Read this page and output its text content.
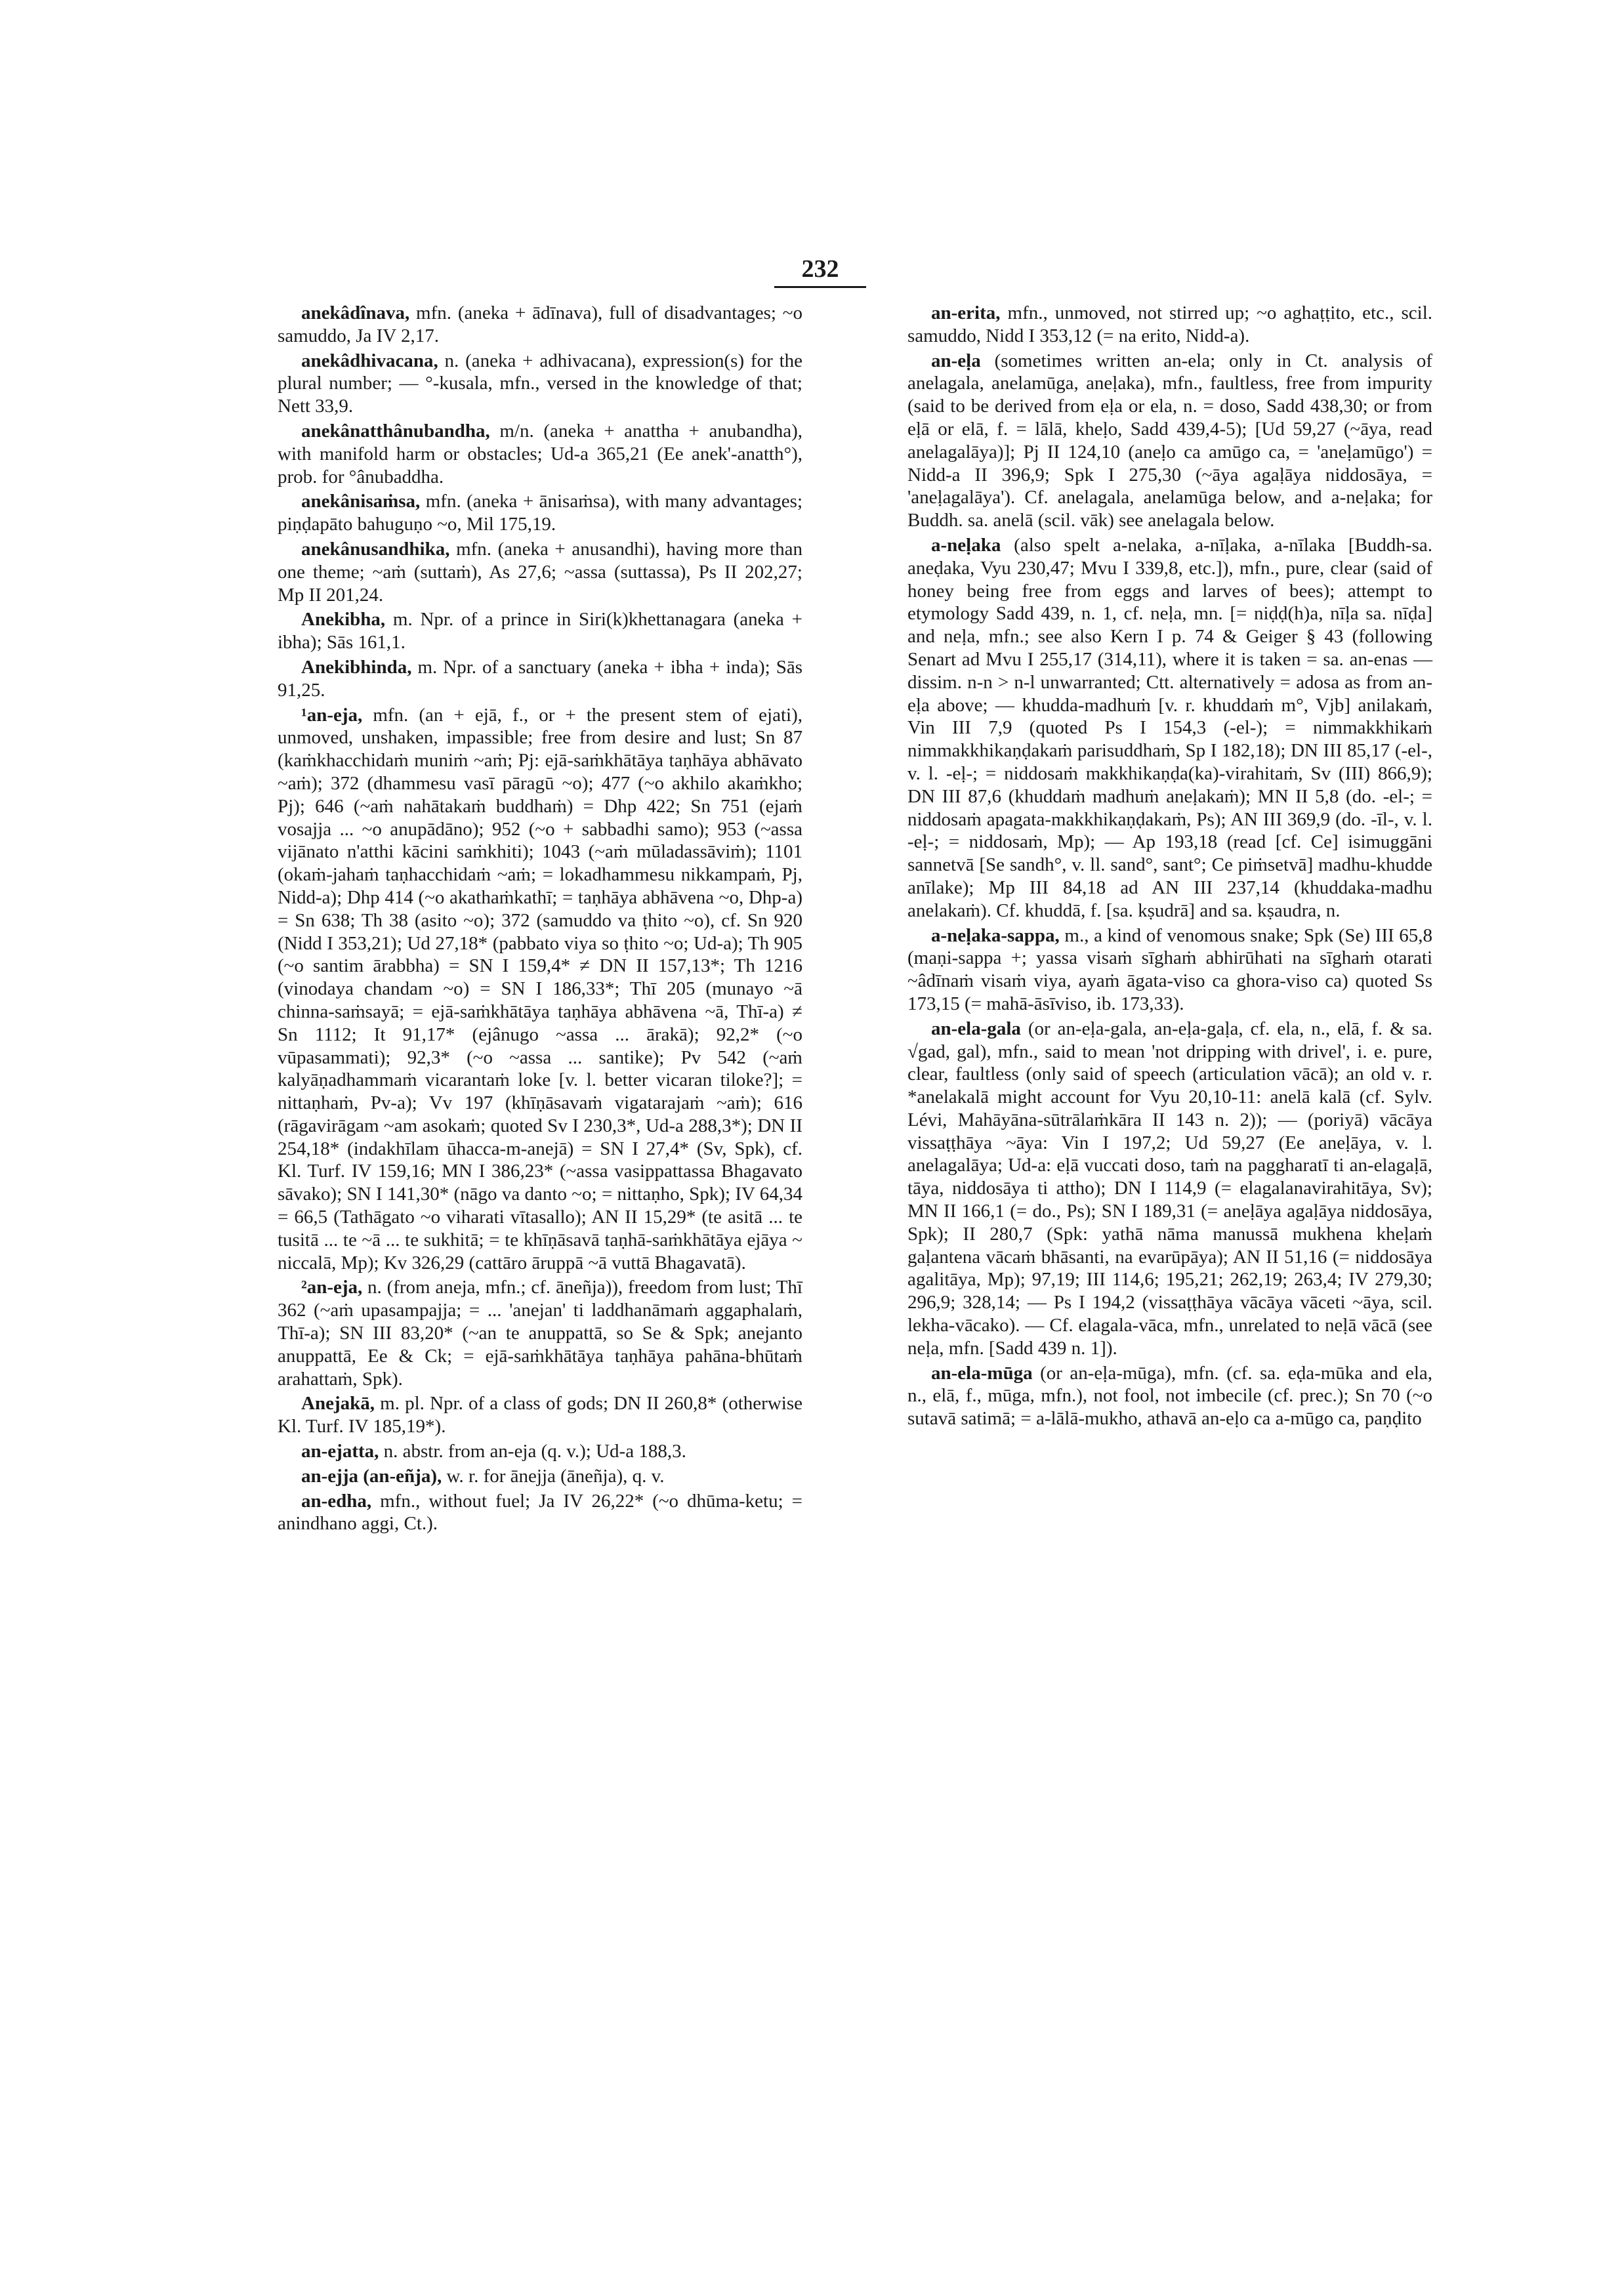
232

anekâdînava, mfn. (aneka + ādīnava), full of disadvantages; ~o samuddo, Ja IV 2,17.

anekâdhivacana, n. (aneka + adhivacana), expression(s) for the plural number; — °-kusala, mfn., versed in the knowledge of that; Nett 33,9.

anekânatthânubandha, m/n. (aneka + anattha + anubandha), with manifold harm or obstacles; Ud-a 365,21 (Ee anek'-anatth°), prob. for °ânubaddha.

anekânisaṁsa, mfn. (aneka + ānisaṁsa), with many advantages; piṇḍapāto bahuguṇo ~o, Mil 175,19.

anekânusandhika, mfn. (aneka + anusandhi), having more than one theme; ~aṁ (suttaṁ), As 27,6; ~assa (suttassa), Ps II 202,27; Mp II 201,24.

Anekibha, m. Npr. of a prince in Siri(k)khettanagara (aneka + ibha); Sās 161,1.

Anekibhinda, m. Npr. of a sanctuary (aneka + ibha + inda); Sās 91,25.

¹an-eja, mfn. (an + ejā, f., or + the present stem of ejati), unmoved, unshaken, impassible; free from desire and lust; Sn 87 (kaṁkhacchidaṁ muniṁ ~aṁ; Pj: ejā-saṁkhātāya taṇhāya abhāvato ~aṁ); 372 (dhammesu vasī pāragū ~o); 477 (~o akhilo akaṁkho; Pj); 646 (~aṁ nahātakaṁ buddhaṁ) = Dhp 422; Sn 751 (ejaṁ vosajja ... ~o anupādāno); 952 (~o + sabbadhi samo); 953 (~assa vijānato n'atthi kācini saṁkhiti); 1043 (~aṁ mūladassāviṁ); 1101 (okaṁ-jahaṁ taṇhacchidaṁ ~aṁ; = lokadhammesu nikkampaṁ, Pj, Nidd-a); Dhp 414 (~o akathaṁkathī; = taṇhāya abhāvena ~o, Dhp-a) = Sn 638; Th 38 (asito ~o); 372 (samuddo va ṭhito ~o), cf. Sn 920 (Nidd I 353,21); Ud 27,18* (pabbato viya so ṭhito ~o; Ud-a); Th 905 (~o santim ārabbha) = SN I 159,4* ≠ DN II 157,13*; Th 1216 (vinodaya chandam ~o) = SN I 186,33*; Thī 205 (munayo ~ā chinna-saṁsayā; = ejā-saṁkhātāya taṇhāya abhāvena ~ā, Thī-a) ≠ Sn 1112; It 91,17* (ejânugo ~assa ... ārakā); 92,2* (~o vūpasammati); 92,3* (~o ~assa ... santike); Pv 542 (~aṁ kalyāṇadhammaṁ vicarantaṁ loke [v. l. better vicaran tiloke?]; = nittaṇhaṁ, Pv-a); Vv 197 (khīṇāsavaṁ vigatarajaṁ ~aṁ); 616 (rāgavirāgam ~am asokaṁ; quoted Sv I 230,3*, Ud-a 288,3*); DN II 254,18* (indakhīlam ūhacca-m-anejā) = SN I 27,4* (Sv, Spk), cf. Kl. Turf. IV 159,16; MN I 386,23* (~assa vasippattassa Bhagavato sāvako); SN I 141,30* (nāgo va danto ~o; = nittaṇho, Spk); IV 64,34 = 66,5 (Tathāgato ~o viharati vītasallo); AN II 15,29* (te asitā ... te tusitā ... te ~ā ... te sukhitā; = te khīṇāsavā taṇhā-saṁkhātāya ejāya ~ niccalā, Mp); Kv 326,29 (cattāro āruppā ~ā vuttā Bhagavatā).

²an-eja, n. (from aneja, mfn.; cf. āneñja)), freedom from lust; Thī 362 (~aṁ upasampajja; = ... 'anejan' ti laddhanāmaṁ aggaphalaṁ, Thī-a); SN III 83,20* (~an te anuppattā, so Se & Spk; anejanto anuppattā, Ee & Ck; = ejā-saṁkhātāya taṇhāya pahāna-bhūtaṁ arahattaṁ, Spk).

Anejakā, m. pl. Npr. of a class of gods; DN II 260,8* (otherwise Kl. Turf. IV 185,19*).

an-ejatta, n. abstr. from an-eja (q. v.); Ud-a 188,3.

an-ejja (an-eñja), w. r. for ānejja (āneñja), q. v.

an-edha, mfn., without fuel; Ja IV 26,22* (~o dhūma-ketu; = anindhano aggi, Ct.).

an-erita, mfn., unmoved, not stirred up; ~o aghaṭṭito, etc., scil. samuddo, Nidd I 353,12 (= na erito, Nidd-a).

an-eḷa (sometimes written an-ela; only in Ct. analysis of anelagala, anelamūga, aneḷaka), mfn., faultless, free from impurity (said to be derived from eḷa or ela, n. = doso, Sadd 438,30; or from eḷā or elā, f. = lālā, kheḷo, Sadd 439,4-5); [Ud 59,27 (~āya, read anelagalāya)]; Pj II 124,10 (aneḷo ca amūgo ca, = 'aneḷamūgo') = Nidd-a II 396,9; Spk I 275,30 (~āya agaḷāya niddosāya, = 'aneḷagalāya'). Cf. anelagala, anelamūga below, and a-neḷaka; for Buddh. sa. anelā (scil. vāk) see anelagala below.

a-neḷaka (also spelt a-nelaka, a-nīḷaka, a-nīlaka [Buddh-sa. aneḍaka, Vyu 230,47; Mvu I 339,8, etc.]), mfn., pure, clear (said of honey being free from eggs and larves of bees); attempt to etymology Sadd 439, n. 1, cf. neḷa, mn. [= niḍḍ(h)a, nīḷa sa. nīḍa] and neḷa, mfn.; see also Kern I p. 74 & Geiger § 43 (following Senart ad Mvu I 255,17 (314,11), where it is taken = sa. an-enas — dissim. n-n > n-l unwarranted; Ctt. alternatively = adosa as from an-eḷa above; — khudda-madhuṁ [v. r. khuddaṁ m°, Vjb] anilakaṁ, Vin III 7,9 (quoted Ps I 154,3 (-el-); = nimmakkhikaṁ nimmakkhikaṇḍakaṁ parisuddhaṁ, Sp I 182,18); DN III 85,17 (-el-, v. l. -eḷ-; = niddosaṁ makkhikaṇḍa(ka)-virahitaṁ, Sv (III) 866,9); DN III 87,6 (khuddaṁ madhuṁ aneḷakaṁ); MN II 5,8 (do. -el-; = niddosaṁ apagata-makkhikaṇḍakaṁ, Ps); AN III 369,9 (do. -īl-, v. l. -eḷ-; = niddosaṁ, Mp); — Ap 193,18 (read [cf. Ce] isimuggāni sannetvā [Se sandh°, v. ll. sand°, sant°; Ce piṁsetvā] madhu-khudde anīlake); Mp III 84,18 ad AN III 237,14 (khuddaka-madhu anelakaṁ). Cf. khuddā, f. [sa. kṣudrā] and sa. kṣaudra, n.

a-neḷaka-sappa, m., a kind of venomous snake; Spk (Se) III 65,8 (maṇi-sappa +; yassa visaṁ sīghaṁ abhirūhati na sīghaṁ otarati ~âdīnaṁ visaṁ viya, ayaṁ āgata-viso ca ghora-viso ca) quoted Ss 173,15 (= mahā-āsīviso, ib. 173,33).

an-ela-gala (or an-eḷa-gala, an-eḷa-gaḷa, cf. ela, n., elā, f. & sa. √gad, gal), mfn., said to mean 'not dripping with drivel', i. e. pure, clear, faultless (only said of speech (articulation vācā); an old v. r. *anelakalā might account for Vyu 20,10-11: anelā kalā (cf. Sylv. Lévi, Mahāyāna-sūtrālaṁkāra II 143 n. 2)); — (poriyā) vācāya vissaṭṭhāya ~āya: Vin I 197,2; Ud 59,27 (Ee aneḷāya, v. l. anelagalāya; Ud-a: eḷā vuccati doso, taṁ na paggharatī ti an-elagaḷā, tāya, niddosāya ti attho); DN I 114,9 (= elagalanavirahitāya, Sv); MN II 166,1 (= do., Ps); SN I 189,31 (= aneḷāya agaḷāya niddosāya, Spk); II 280,7 (Spk: yathā nāma manussā mukhena kheḷaṁ gaḷantena vācaṁ bhāsanti, na evarūpāya); AN II 51,16 (= niddosāya agalitāya, Mp); 97,19; III 114,6; 195,21; 262,19; 263,4; IV 279,30; 296,9; 328,14; — Ps I 194,2 (vissaṭṭhāya vācāya vāceti ~āya, scil. lekha-vācako). — Cf. elagala-vāca, mfn., unrelated to neḷā vācā (see neḷa, mfn. [Sadd 439 n. 1]).

an-ela-mūga (or an-eḷa-mūga), mfn. (cf. sa. eḍa-mūka and ela, n., elā, f., mūga, mfn.), not fool, not imbecile (cf. prec.); Sn 70 (~o sutavā satimā; = a-lālā-mukho, athavā an-eḷo ca a-mūgo ca, paṇḍito
